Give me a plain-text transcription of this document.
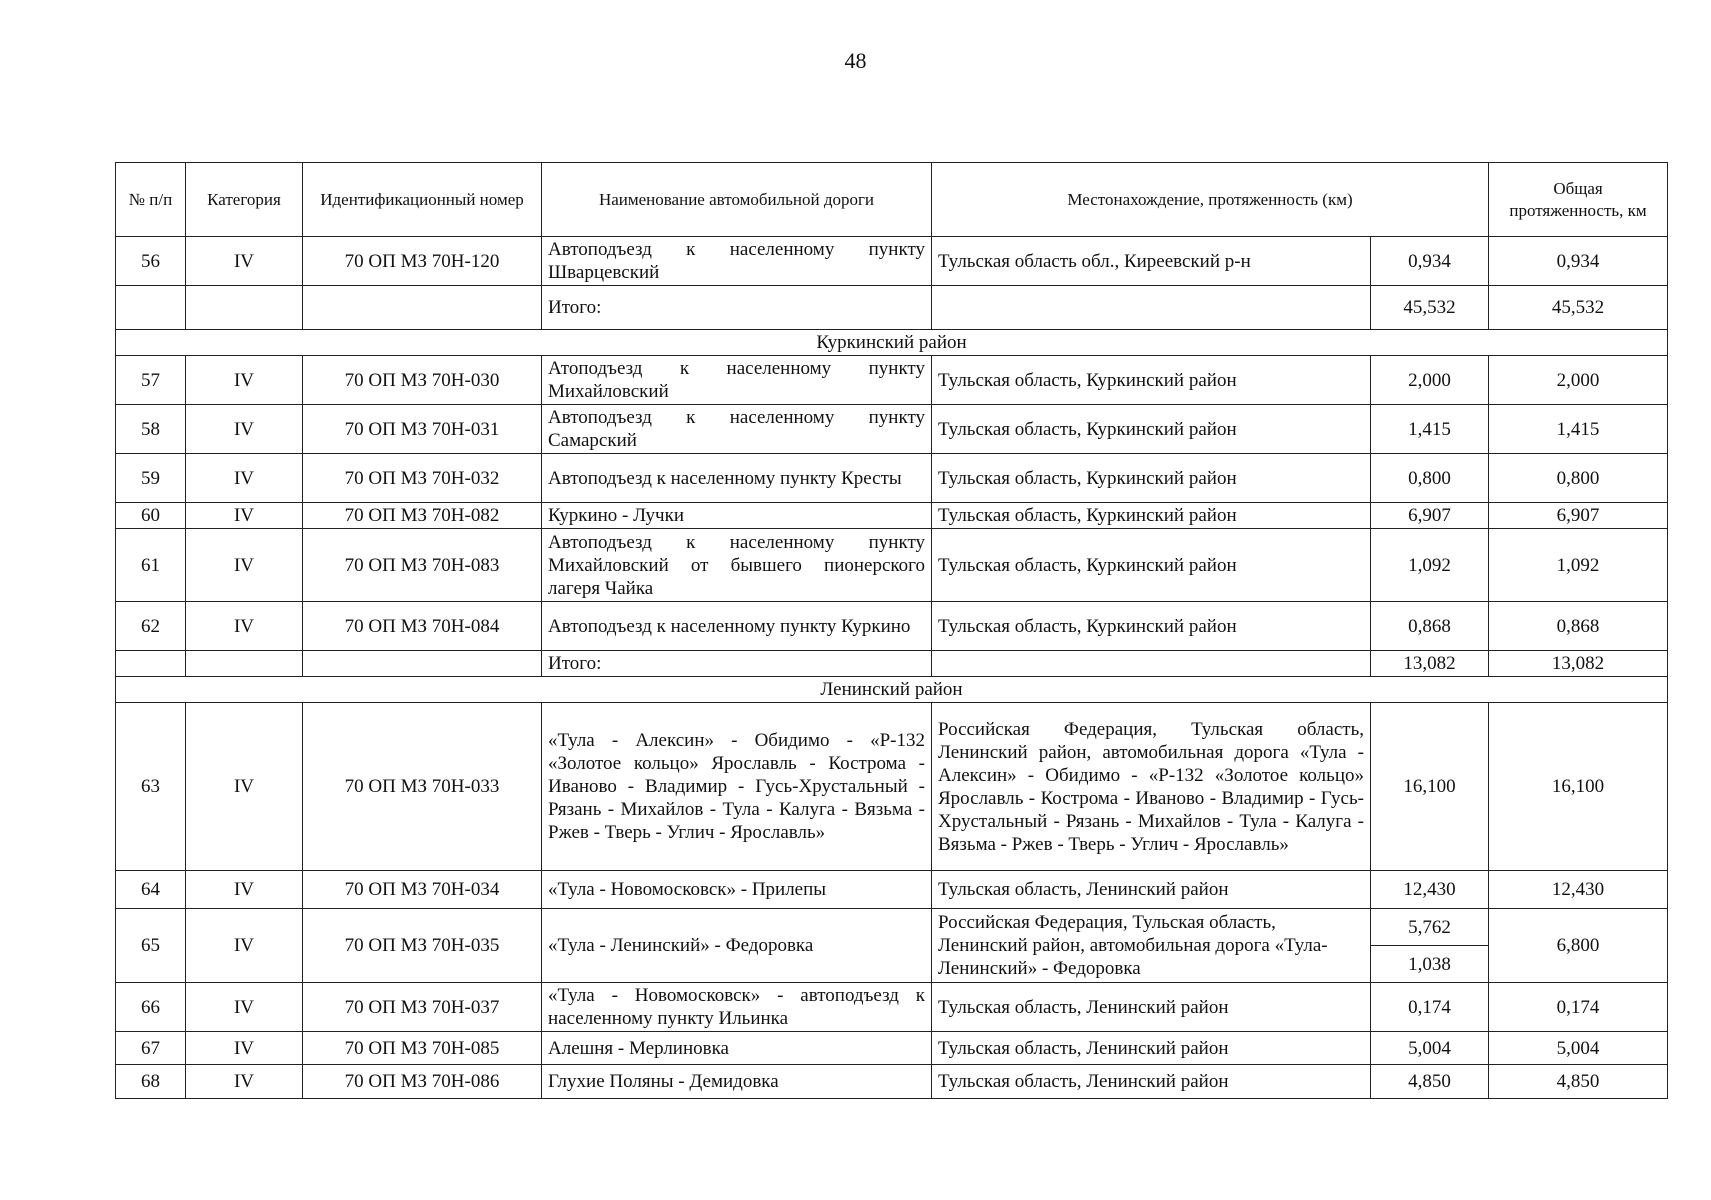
48
№ п/п	Категория	Идентификационный номер	Наименование автомобильной дороги	Местонахождение, протяженность (км)		Общая протяженность, км
56	IV	70 ОП МЗ 70Н-120	Автоподъезд к населенному пункту Шварцевский	Тульская область обл., Киреевский р-н	0,934	0,934
			Итого:		45,532	45,532
Куркинский район						
57	IV	70 ОП МЗ 70Н-030	Атоподъезд к населенному пункту Михайловский	Тульская область, Куркинский район	2,000	2,000
58	IV	70 ОП МЗ 70Н-031	Автоподъезд к населенному пункту Самарский	Тульская область, Куркинский район	1,415	1,415
59	IV	70 ОП МЗ 70Н-032	Автоподъезд к населенному пункту Кресты	Тульская область, Куркинский район	0,800	0,800
60	IV	70 ОП МЗ 70Н-082	Куркино - Лучки	Тульская область, Куркинский район	6,907	6,907
61	IV	70 ОП МЗ 70Н-083	Автоподъезд к населенному пункту Михайловский от бывшего пионерского лагеря Чайка	Тульская область, Куркинский район	1,092	1,092
62	IV	70 ОП МЗ 70Н-084	Автоподъезд к населенному пункту Куркино	Тульская область, Куркинский район	0,868	0,868
			Итого:		13,082	13,082
Ленинский район						
63	IV	70 ОП МЗ 70Н-033	«Тула - Алексин» - Обидимо - «Р-132 «Золотое кольцо» Ярославль - Кострома - Иваново - Владимир - Гусь-Хрустальный - Рязань - Михайлов - Тула - Калуга - Вязьма - Ржев - Тверь - Углич - Ярославль»	Российская Федерация, Тульская область, Ленинский район, автомобильная дорога «Тула - Алексин» - Обидимо - «Р-132 «Золотое кольцо» Ярославль - Кострома - Иваново - Владимир - Гусь-Хрустальный - Рязань - Михайлов - Тула - Калуга - Вязьма - Ржев - Тверь - Углич - Ярославль»	16,100	16,100
64	IV	70 ОП МЗ 70Н-034	«Тула - Новомосковск» - Прилепы	Тульская область, Ленинский район	12,430	12,430
65	IV	70 ОП МЗ 70Н-035	«Тула - Ленинский» - Федоровка	Российская Федерация, Тульская область, Ленинский район, автомобильная дорога «Тула-Ленинский» - Федоровка	5,762	6,800
					1,038	
66	IV	70 ОП МЗ 70Н-037	«Тула - Новомосковск» - автоподъезд к населенному пункту Ильинка	Тульская область, Ленинский район	0,174	0,174
67	IV	70 ОП МЗ 70Н-085	Алешня - Мерлиновка	Тульская область, Ленинский район	5,004	5,004
68	IV	70 ОП МЗ 70Н-086	Глухие Поляны - Демидовка	Тульская область, Ленинский район	4,850	4,850
